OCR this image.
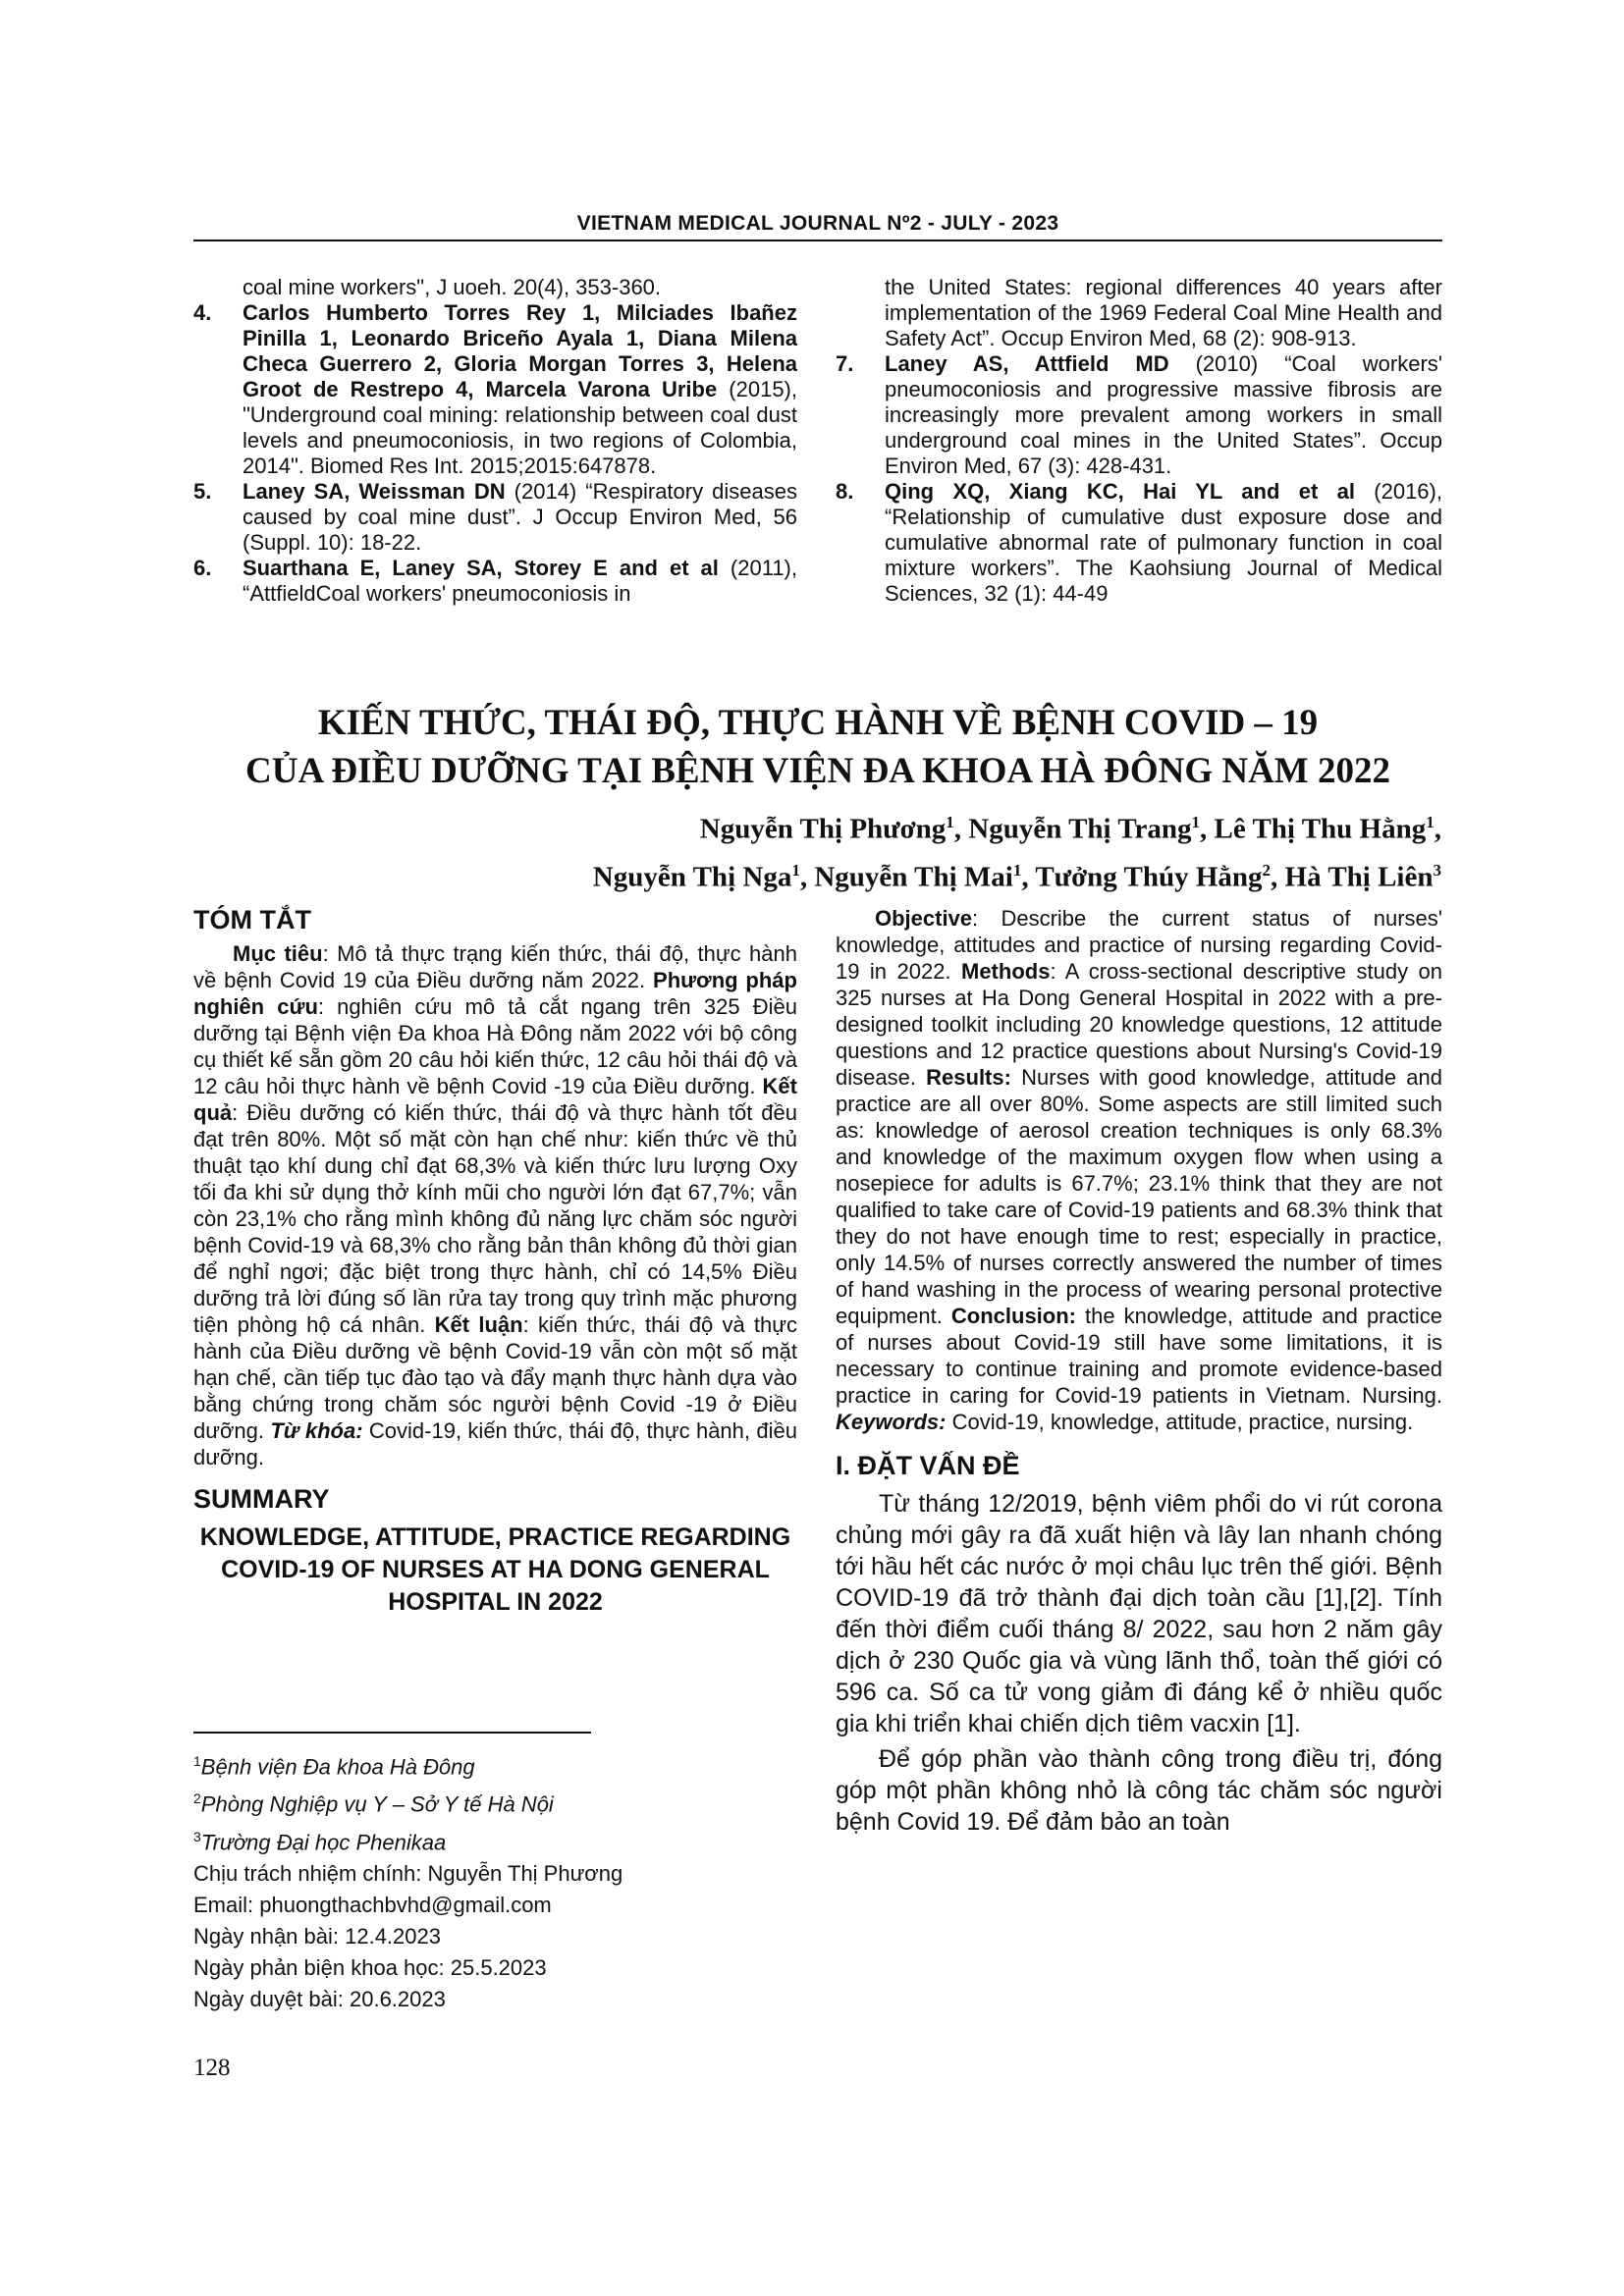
VIETNAM MEDICAL JOURNAL Nº2 - JULY - 2023
coal mine workers", J uoeh. 20(4), 353-360.
4. Carlos Humberto Torres Rey 1, Milciades Ibañez Pinilla 1, Leonardo Briceño Ayala 1, Diana Milena Checa Guerrero 2, Gloria Morgan Torres 3, Helena Groot de Restrepo 4, Marcela Varona Uribe (2015), "Underground coal mining: relationship between coal dust levels and pneumoconiosis, in two regions of Colombia, 2014". Biomed Res Int. 2015;2015:647878.
5. Laney SA, Weissman DN (2014) “Respiratory diseases caused by coal mine dust”. J Occup Environ Med, 56 (Suppl. 10): 18-22.
6. Suarthana E, Laney SA, Storey E and et al (2011), “AttfieldCoal workers' pneumoconiosis in
the United States: regional differences 40 years after implementation of the 1969 Federal Coal Mine Health and Safety Act”. Occup Environ Med, 68 (2): 908-913.
7. Laney AS, Attfield MD (2010) “Coal workers' pneumoconiosis and progressive massive fibrosis are increasingly more prevalent among workers in small underground coal mines in the United States”. Occup Environ Med, 67 (3): 428-431.
8. Qing XQ, Xiang KC, Hai YL and et al (2016), “Relationship of cumulative dust exposure dose and cumulative abnormal rate of pulmonary function in coal mixture workers”. The Kaohsiung Journal of Medical Sciences, 32 (1): 44-49
KIẾN THỨC, THÁI ĐỘ, THỰC HÀNH VỀ BỆNH COVID – 19
CỦA ĐIỀU DƯỠNG TẠI BỆNH VIỆN ĐA KHOA HÀ ĐÔNG NĂM 2022
Nguyễn Thị Phương$^1$, Nguyễn Thị Trang$^1$, Lê Thị Thu Hằng$^1$,
Nguyễn Thị Nga$^1$, Nguyễn Thị Mai$^1$, Tưởng Thúy Hằng$^2$, Hà Thị Liên$^3$
TÓM TẮT

Mục tiêu: Mô tả thực trạng kiến thức, thái độ, thực hành về bệnh Covid 19 của Điều dưỡng năm 2022. Phương pháp nghiên cứu: nghiên cứu mô tả cắt ngang trên 325 Điều dưỡng tại Bệnh viện Đa khoa Hà Đông năm 2022 với bộ công cụ thiết kế sẵn gồm 20 câu hỏi kiến thức, 12 câu hỏi thái độ và 12 câu hỏi thực hành về bệnh Covid -19 của Điều dưỡng. Kết quả: Điều dưỡng có kiến thức, thái độ và thực hành tốt đều đạt trên 80%. Một số mặt còn hạn chế như: kiến thức về thủ thuật tạo khí dung chỉ đạt 68,3% và kiến thức lưu lượng Oxy tối đa khi sử dụng thở kính mũi cho người lớn đạt 67,7%; vẫn còn 23,1% cho rằng mình không đủ năng lực chăm sóc người bệnh Covid-19 và 68,3% cho rằng bản thân không đủ thời gian để nghỉ ngơi; đặc biệt trong thực hành, chỉ có 14,5% Điều dưỡng trả lời đúng số lần rửa tay trong quy trình mặc phương tiện phòng hộ cá nhân. Kết luận: kiến thức, thái độ và thực hành của Điều dưỡng về bệnh Covid-19 vẫn còn một số mặt hạn chế, cần tiếp tục đào tạo và đẩy mạnh thực hành dựa vào bằng chứng trong chăm sóc người bệnh Covid -19 ở Điều dưỡng. Từ khóa: Covid-19, kiến thức, thái độ, thực hành, điều dưỡng.

SUMMARY
KNOWLEDGE, ATTITUDE, PRACTICE REGARDING COVID-19 OF NURSES AT HA DONG GENERAL HOSPITAL IN 2022

Objective: Describe the current status of nurses' knowledge, attitudes and practice of nursing regarding Covid-19 in 2022. Methods: A cross-sectional descriptive study on 325 nurses at Ha Dong General Hospital in 2022 with a pre-designed toolkit including 20 knowledge questions, 12 attitude questions and 12 practice questions about Nursing's Covid-19 disease. Results: Nurses with good knowledge, attitude and practice are all over 80%. Some aspects are still limited such as: knowledge of aerosol creation techniques is only 68.3% and knowledge of the maximum oxygen flow when using a nosepiece for adults is 67.7%; 23.1% think that they are not qualified to take care of Covid-19 patients and 68.3% think that they do not have enough time to rest; especially in practice, only 14.5% of nurses correctly answered the number of times of hand washing in the process of wearing personal protective equipment. Conclusion: the knowledge, attitude and practice of nurses about Covid-19 still have some limitations, it is necessary to continue training and promote evidence-based practice in caring for Covid-19 patients in Vietnam. Nursing. Keywords: Covid-19, knowledge, attitude, practice, nursing.

I. ĐẶT VẤN ĐỀ

Từ tháng 12/2019, bệnh viêm phổi do vi rút corona chủng mới gây ra đã xuất hiện và lây lan nhanh chóng tới hầu hết các nước ở mọi châu lục trên thế giới. Bệnh COVID-19 đã trở thành đại dịch toàn cầu [1],[2]. Tính đến thời điểm cuối tháng 8/ 2022, sau hơn 2 năm gây dịch ở 230 Quốc gia và vùng lãnh thổ, toàn thế giới có 596 ca. Số ca tử vong giảm đi đáng kể ở nhiều quốc gia khi triển khai chiến dịch tiêm vacxin [1].

Để góp phần vào thành công trong điều trị, đóng góp một phần không nhỏ là công tác chăm sóc người bệnh Covid 19. Để đảm bảo an toàn

$^1$Bệnh viện Đa khoa Hà Đông
$^2$Phòng Nghiệp vụ Y – Sở Y tế Hà Nội
$^3$Trường Đại học Phenikaa
Chịu trách nhiệm chính: Nguyễn Thị Phương
Email: phuongthachbvhd@gmail.com
Ngày nhận bài: 12.4.2023
Ngày phản biện khoa học: 25.5.2023
Ngày duyệt bài: 20.6.2023
128
